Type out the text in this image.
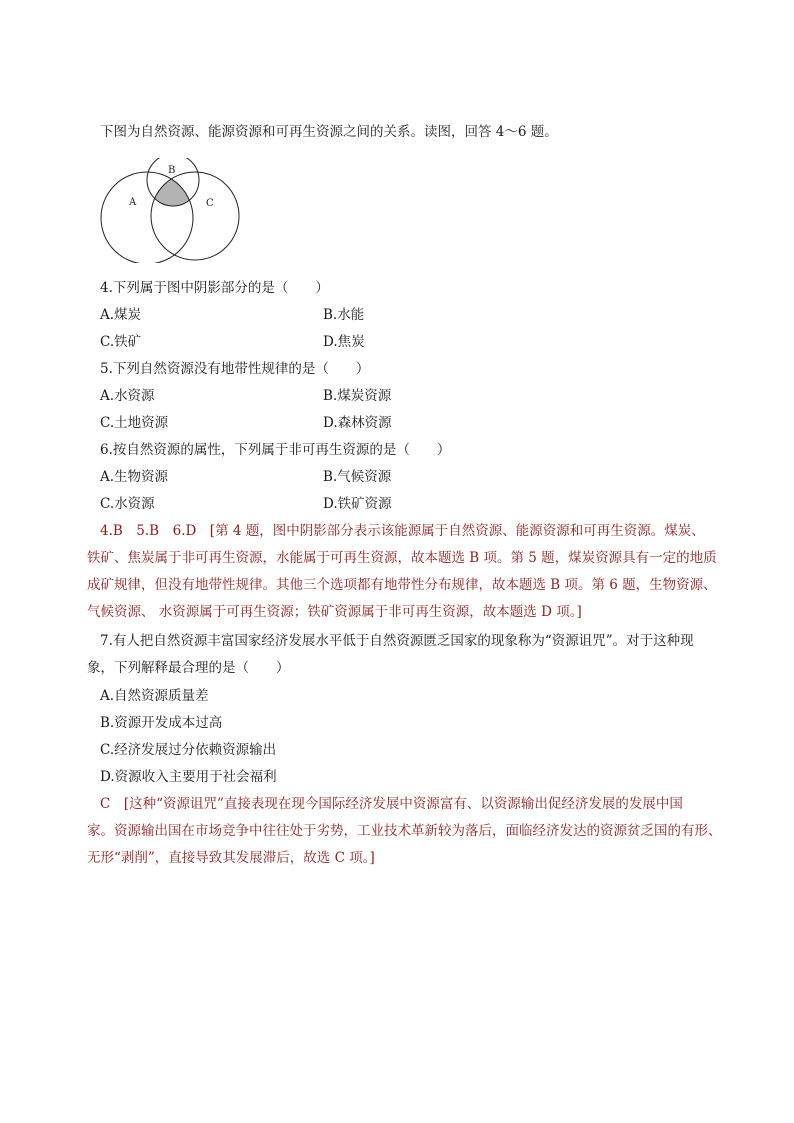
下图为自然资源、能源资源和可再生资源之间的关系。读图，回答 4～6 题。
B
A	C
4.下列属于图中阴影部分的是（　　）
A.煤炭	B.水能
C.铁矿	D.焦炭
5.下列自然资源没有地带性规律的是（　　）
A.水资源	B.煤炭资源
C.土地资源	D.森林资源
6.按自然资源的属性，下列属于非可再生资源的是（　　）
A.生物资源	B.气候资源
C.水资源	D.铁矿资源
4.B　5.B　6.D　[第 4 题，图中阴影部分表示该能源属于自然资源、能源资源和可再生资源。煤炭、
铁矿、焦炭属于非可再生资源，水能属于可再生资源，故本题选 B 项。第 5 题，煤炭资源具有一定的地质
成矿规律，但没有地带性规律。其他三个选项都有地带性分布规律，故本题选 B 项。第 6 题，生物资源、
气候资源、 水资源属于可再生资源；铁矿资源属于非可再生资源，故本题选 D 项。]
7.有人把自然资源丰富国家经济发展水平低于自然资源匮乏国家的现象称为“资源诅咒”。对于这种现
象，下列解释最合理的是（　　）
A.自然资源质量差
B.资源开发成本过高
C.经济发展过分依赖资源输出
D.资源收入主要用于社会福利
C　[这种“资源诅咒”直接表现在现今国际经济发展中资源富有、以资源输出促经济发展的发展中国
家。资源输出国在市场竞争中往往处于劣势，工业技术革新较为落后，面临经济发达的资源贫乏国的有形、
无形“剥削”，直接导致其发展滞后，故选 C 项。]
